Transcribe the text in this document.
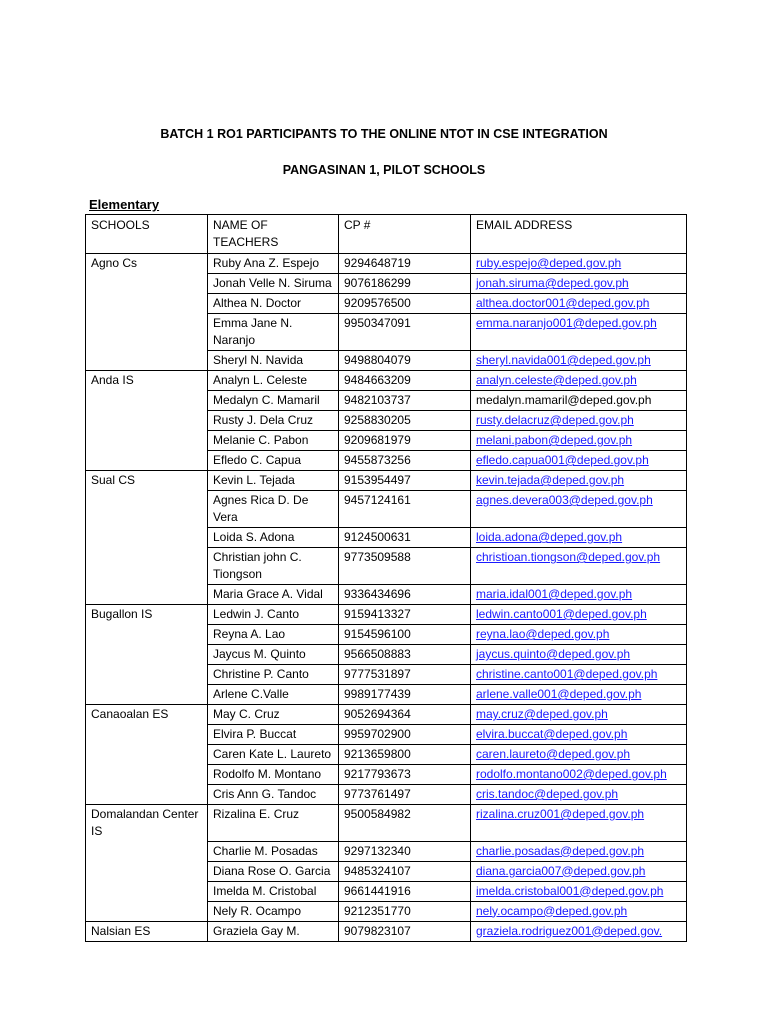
BATCH 1 RO1 PARTICIPANTS TO THE ONLINE NTOT IN CSE INTEGRATION
PANGASINAN 1, PILOT SCHOOLS
Elementary
SCHOOLS	NAME OF TEACHERS	CP #	EMAIL ADDRESS
Agno Cs	Ruby Ana Z. Espejo	9294648719	ruby.espejo@deped.gov.ph
	Jonah Velle N. Siruma	9076186299	jonah.siruma@deped.gov.ph
	Althea N. Doctor	9209576500	althea.doctor001@deped.gov.ph
	Emma Jane N. Naranjo	9950347091	emma.naranjo001@deped.gov.ph
	Sheryl N. Navida	9498804079	sheryl.navida001@deped.gov.ph
Anda IS	Analyn L. Celeste	9484663209	analyn.celeste@deped.gov.ph
	Medalyn C. Mamaril	9482103737	medalyn.mamaril@deped.gov.ph
	Rusty J. Dela Cruz	9258830205	rusty.delacruz@deped.gov.ph
	Melanie C. Pabon	9209681979	melani.pabon@deped.gov.ph
	Efledo C. Capua	9455873256	efledo.capua001@deped.gov.ph
Sual CS	Kevin L. Tejada	9153954497	kevin.tejada@deped.gov.ph
	Agnes Rica D. De Vera	9457124161	agnes.devera003@deped.gov.ph
	Loida S. Adona	9124500631	loida.adona@deped.gov.ph
	Christian john C. Tiongson	9773509588	christioan.tiongson@deped.gov.ph
	Maria Grace A. Vidal	9336434696	maria.idal001@deped.gov.ph
Bugallon IS	Ledwin J. Canto	9159413327	ledwin.canto001@deped.gov.ph
	Reyna A. Lao	9154596100	reyna.lao@deped.gov.ph
	Jaycus M. Quinto	9566508883	jaycus.quinto@deped.gov.ph
	Christine P. Canto	9777531897	christine.canto001@deped.gov.ph
	Arlene C.Valle	9989177439	arlene.valle001@deped.gov.ph
Canaoalan ES	May C. Cruz	9052694364	may.cruz@deped.gov.ph
	Elvira P. Buccat	9959702900	elvira.buccat@deped.gov.ph
	Caren Kate L. Laureto	9213659800	caren.laureto@deped.gov.ph
	Rodolfo M. Montano	9217793673	rodolfo.montano002@deped.gov.ph
	Cris Ann G. Tandoc	9773761497	cris.tandoc@deped.gov.ph
Domalandan Center IS	Rizalina E. Cruz	9500584982	rizalina.cruz001@deped.gov.ph
	Charlie M. Posadas	9297132340	charlie.posadas@deped.gov.ph
	Diana Rose O. Garcia	9485324107	diana.garcia007@deped.gov.ph
	Imelda M. Cristobal	9661441916	imelda.cristobal001@deped.gov.ph
	Nely R. Ocampo	9212351770	nely.ocampo@deped.gov.ph
Nalsian ES	Graziela Gay M.	9079823107	graziela.rodriguez001@deped.gov.
